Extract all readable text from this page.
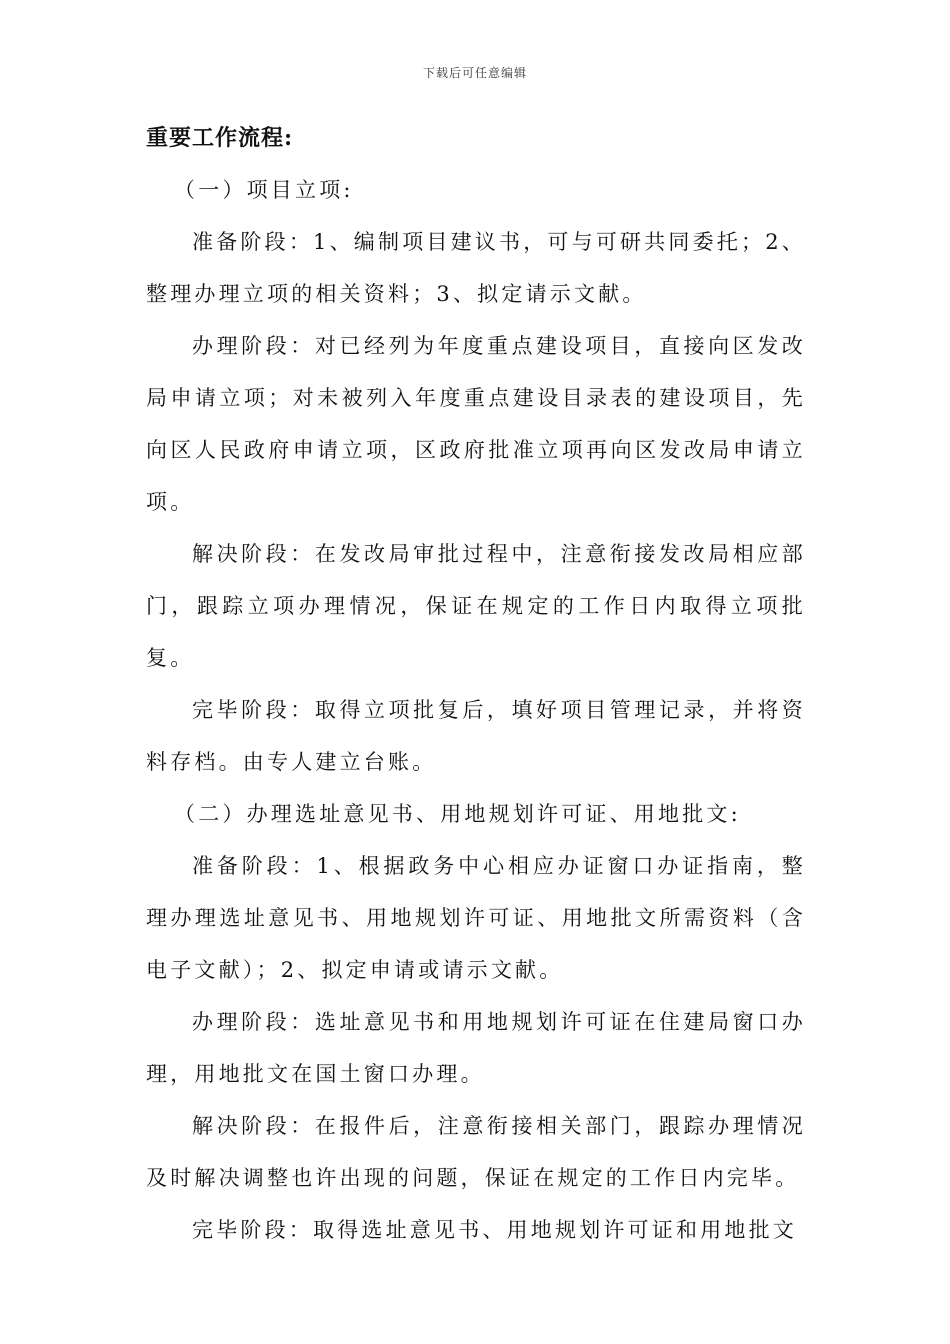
下载后可任意编辑
重要工作流程:

（一）项目立项:

准备阶段：1、编制项目建议书，可与可研共同委托；2、整理办理立项的相关资料；3、拟定请示文献。

办理阶段：对已经列为年度重点建设项目，直接向区发改局申请立项；对未被列入年度重点建设目录表的建设项目，先向区人民政府申请立项，区政府批准立项再向区发改局申请立项。

解决阶段：在发改局审批过程中，注意衔接发改局相应部门，跟踪立项办理情况，保证在规定的工作日内取得立项批复。

完毕阶段：取得立项批复后，填好项目管理记录，并将资料存档。由专人建立台账。

（二）办理选址意见书、用地规划许可证、用地批文:

准备阶段：1、根据政务中心相应办证窗口办证指南，整理办理选址意见书、用地规划许可证、用地批文所需资料（含电子文献）；2、拟定申请或请示文献。

办理阶段：选址意见书和用地规划许可证在住建局窗口办理，用地批文在国土窗口办理。

解决阶段：在报件后，注意衔接相关部门，跟踪办理情况及时解决调整也许出现的问题，保证在规定的工作日内完毕。

完毕阶段：取得选址意见书、用地规划许可证和用地批文
